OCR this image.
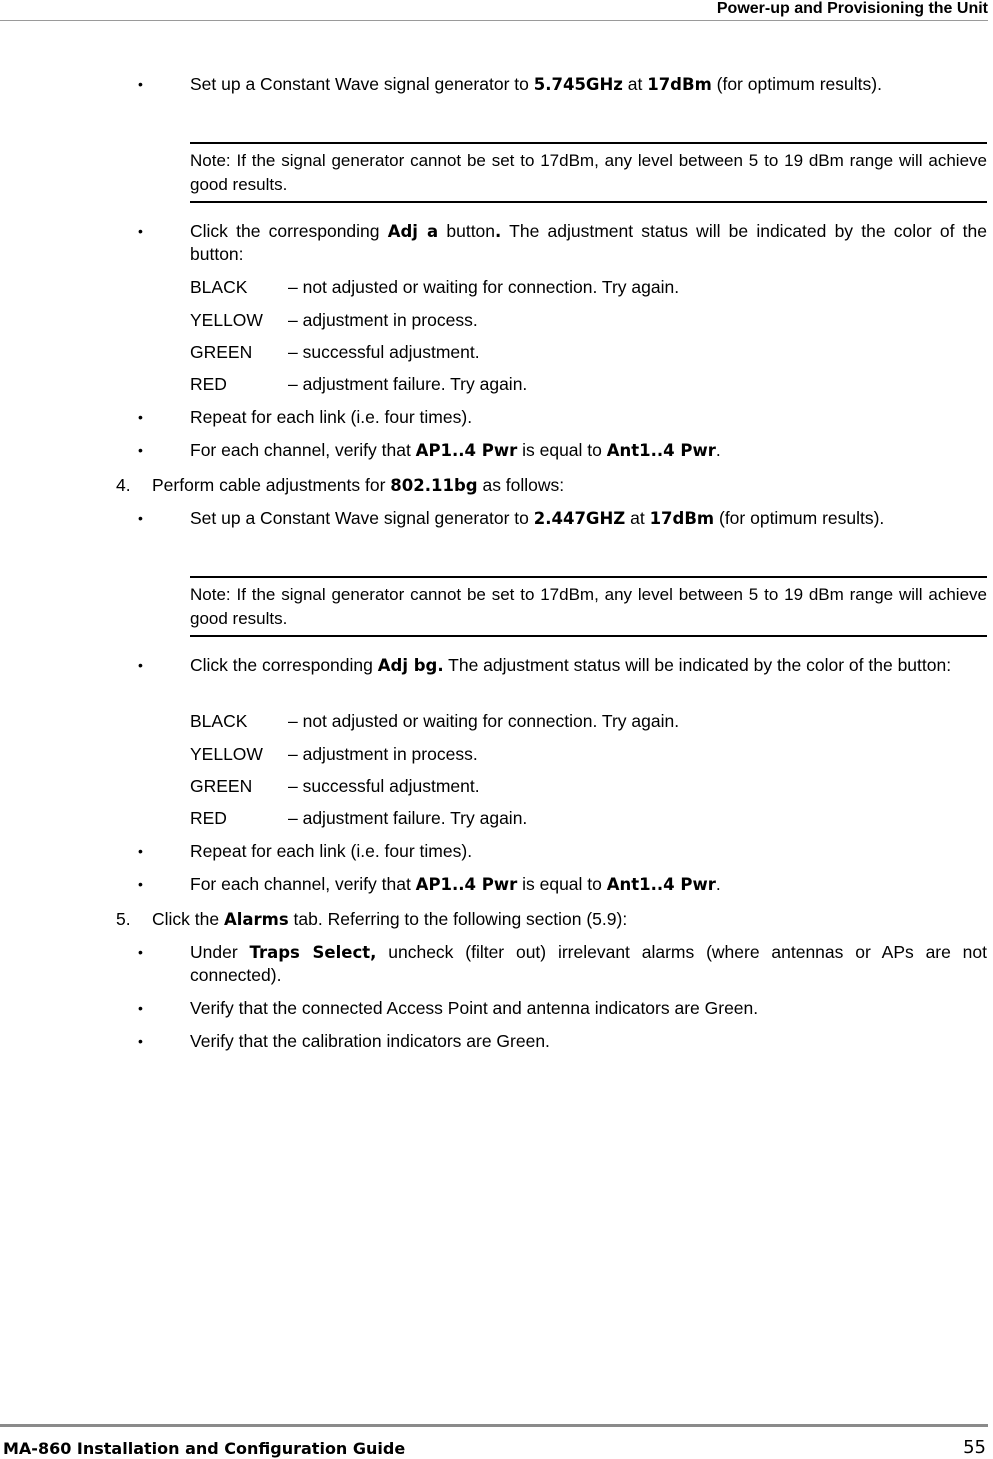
Power-up and Provisioning the Unit
•	Set up a Constant Wave signal generator to 5.745GHz at 17dBm (for optimum results).
Note: If the signal generator cannot be set to 17dBm, any level between 5 to 19 dBm range will achieve good results.
•	Click the corresponding Adj a button. The adjustment status will be indicated by the color of the button:
BLACK – not adjusted or waiting for connection. Try again.
YELLOW – adjustment in process.
GREEN – successful adjustment.
RED	– adjustment failure. Try again.
•	Repeat for each link (i.e. four times).
•	For each channel, verify that AP1..4 Pwr is equal to Ant1..4 Pwr.
4. Perform cable adjustments for 802.11bg as follows:
•	Set up a Constant Wave signal generator to 2.447GHZ at 17dBm (for optimum results).
Note: If the signal generator cannot be set to 17dBm, any level between 5 to 19 dBm range will achieve good results.
•	Click the corresponding Adj bg. The adjustment status will be indicated by the color of the button:
BLACK – not adjusted or waiting for connection. Try again.
YELLOW – adjustment in process.
GREEN – successful adjustment.
RED	– adjustment failure. Try again.
•	Repeat for each link (i.e. four times).
•	For each channel, verify that AP1..4 Pwr is equal to Ant1..4 Pwr.
5. Click the Alarms tab. Referring to the following section (5.9):
•	Under Traps Select, uncheck (filter out) irrelevant alarms (where antennas or APs are not connected).
•	Verify that the connected Access Point and antenna indicators are Green.
•	Verify that the calibration indicators are Green.
MA-860 Installation and Configuration Guide	55
